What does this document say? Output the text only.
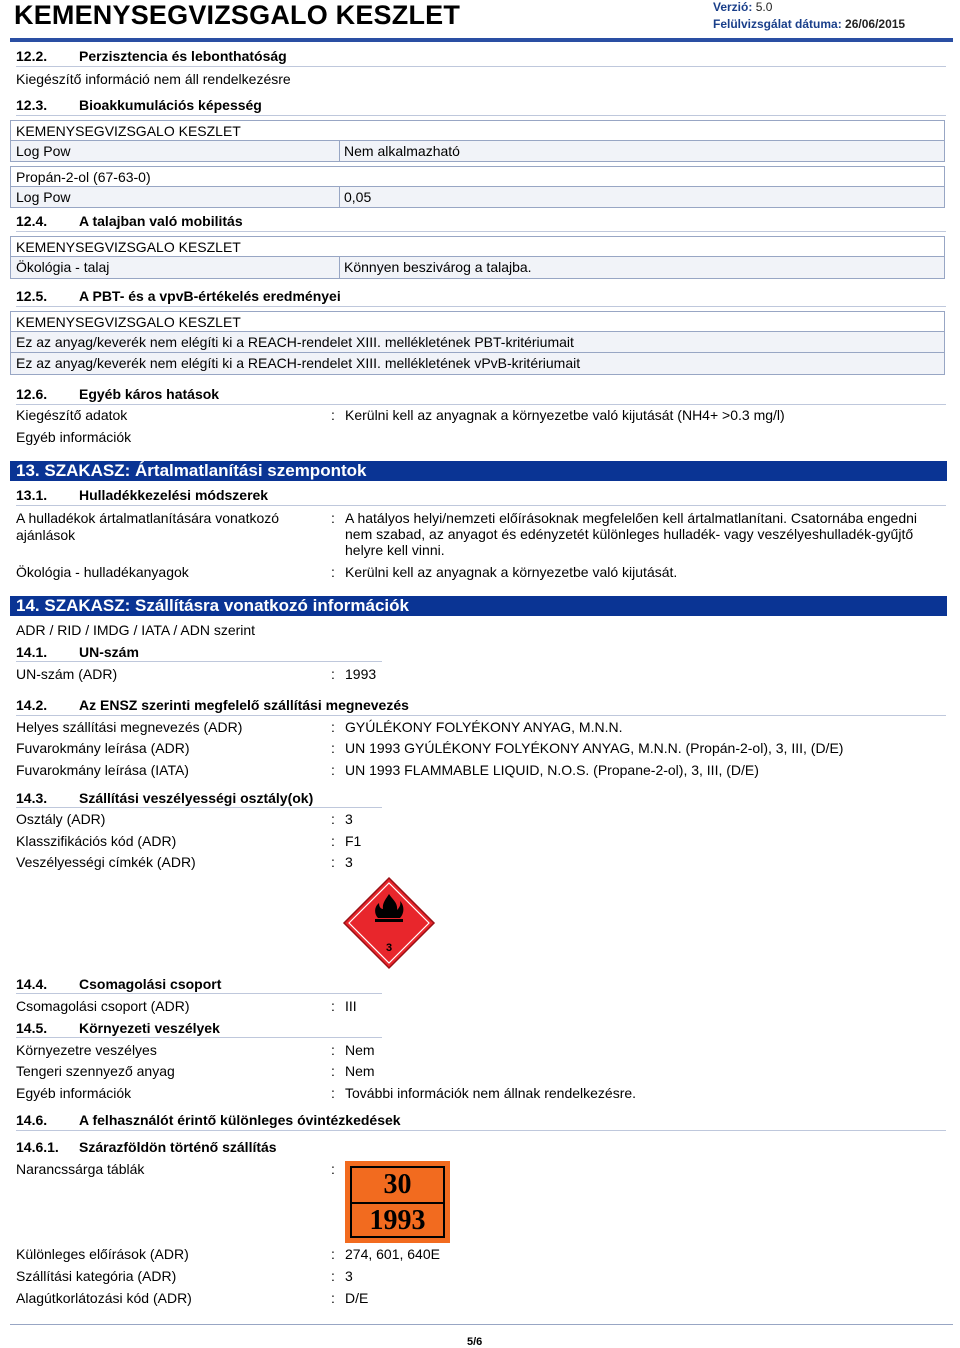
KEMENYSEGVIZSGALO KESZLET	Verzió: 5.0
Felülvizsgálat dátuma: 26/06/2015
12.2. Perzisztencia és lebonthatóság
Kiegészítő információ nem áll rendelkezésre
12.3. Bioakkumulációs képesség
KEMENYSEGVIZSGALO KESZLET
Log Pow	Nem alkalmazható
Propán-2-ol (67-63-0)
Log Pow	0,05
12.4. A talajban való mobilitás
KEMENYSEGVIZSGALO KESZLET
Ökológia - talaj	Könnyen beszivárog a talajba.
12.5. A PBT- és a vpvB-értékelés eredményei
KEMENYSEGVIZSGALO KESZLET
Ez az anyag/keverék nem elégíti ki a REACH-rendelet XIII. mellékletének PBT-kritériumait
Ez az anyag/keverék nem elégíti ki a REACH-rendelet XIII. mellékletének vPvB-kritériumait
12.6. Egyéb káros hatások
Kiegészítő adatok	: Kerülni kell az anyagnak a környezetbe való kijutását (NH4+ >0.3 mg/l)
Egyéb információk
13. SZAKASZ: Ártalmatlanítási szempontok
13.1. Hulladékkezelési módszerek
A hulladékok ártalmatlanítására vonatkozó ajánlások
: A hatályos helyi/nemzeti előírásoknak megfelelően kell ártalmatlanítani. Csatornába engedni nem szabad, az anyagot és edényzetét különleges hulladék- vagy veszélyeshulladék-gyűjtő helyre kell vinni.
Ökológia - hulladékanyagok	: Kerülni kell az anyagnak a környezetbe való kijutását.
14. SZAKASZ: Szállításra vonatkozó információk
ADR / RID / IMDG / IATA / ADN szerint
14.1. UN-szám
UN-szám (ADR)	: 1993
14.2. Az ENSZ szerinti megfelelő szállítási megnevezés
Helyes szállítási megnevezés (ADR)	: GYÚLÉKONY FOLYÉKONY ANYAG, M.N.N.
Fuvarokmány leírása (ADR)	: UN 1993 GYÚLÉKONY FOLYÉKONY ANYAG, M.N.N. (Propán-2-ol), 3, III, (D/E)
Fuvarokmány leírása (IATA)	: UN 1993 FLAMMABLE LIQUID, N.O.S. (Propane-2-ol), 3, III, (D/E)
14.3. Szállítási veszélyességi osztály(ok)
Osztály (ADR)	: 3
Klasszifikációs kód (ADR)	: F1
Veszélyességi címkék (ADR)	: 3
3
14.4. Csomagolási csoport
Csomagolási csoport (ADR)	: III
14.5. Környezeti veszélyek
Környezetre veszélyes	: Nem
Tengeri szennyező anyag	: Nem
Egyéb információk	: További információk nem állnak rendelkezésre.
14.6. A felhasználót érintő különleges óvintézkedések
14.6.1. Szárazföldön történő szállítás
Narancssárga táblák	:	30
1993
Különleges előírások (ADR)	: 274, 601, 640E
Szállítási kategória (ADR)	: 3
Alagútkorlátozási kód (ADR)	: D/E
5/6
